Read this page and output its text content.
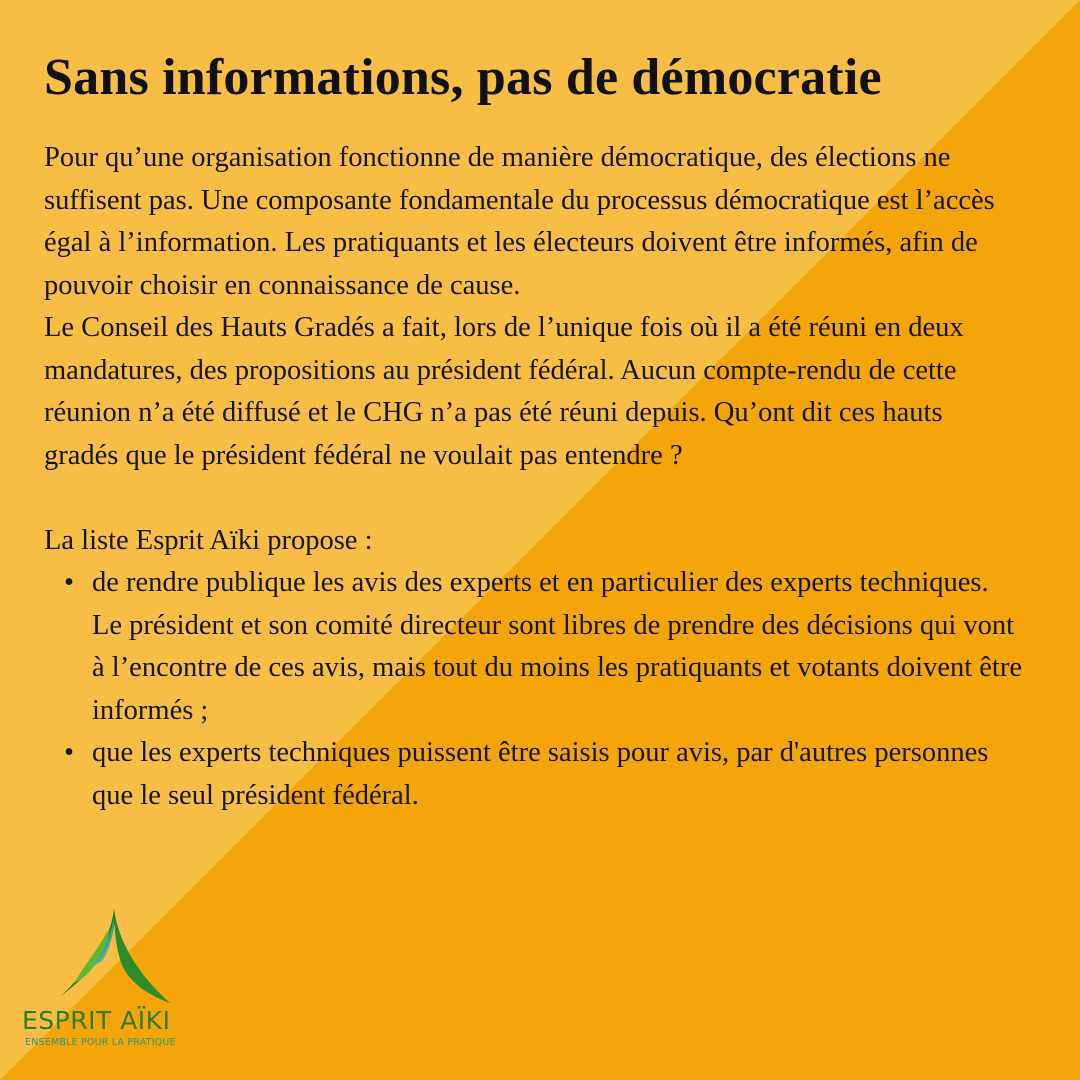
Sans informations, pas de démocratie

Pour qu’une organisation fonctionne de manière démocratique, des élections ne suffisent pas. Une composante fondamentale du processus démocratique est l’accès égal à l’information. Les pratiquants et les électeurs doivent être informés, afin de pouvoir choisir en connaissance de cause.

Le Conseil des Hauts Gradés a fait, lors de l’unique fois où il a été réuni en deux mandatures, des propositions au président fédéral. Aucun compte-rendu de cette réunion n’a été diffusé et le CHG n’a pas été réuni depuis. Qu’ont dit ces hauts gradés que le président fédéral ne voulait pas entendre ?

La liste Esprit Aïki propose :

• de rendre publique les avis des experts et en particulier des experts techniques. Le président et son comité directeur sont libres de prendre des décisions qui vont à l’encontre de ces avis, mais tout du moins les pratiquants et votants doivent être informés ;
• que les experts techniques puissent être saisis pour avis, par d'autres personnes que le seul président fédéral.
ESPRIT AÏKI
ENSEMBLE POUR LA PRATIQUE
